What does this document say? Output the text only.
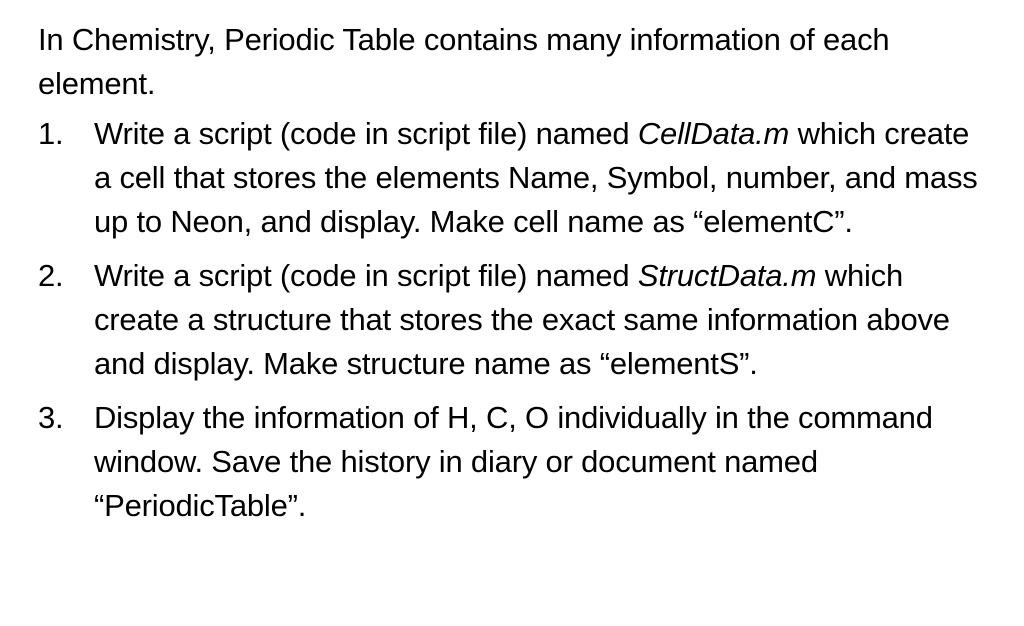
In Chemistry, Periodic Table contains many information of each element.

1. Write a script (code in script file) named CellData.m which create a cell that stores the elements Name, Symbol, number, and mass up to Neon, and display. Make cell name as “elementC”.
2. Write a script (code in script file) named StructData.m which create a structure that stores the exact same information above and display. Make structure name as “elementS”.
3. Display the information of H, C, O individually in the command window. Save the history in diary or document named “PeriodicTable”.
